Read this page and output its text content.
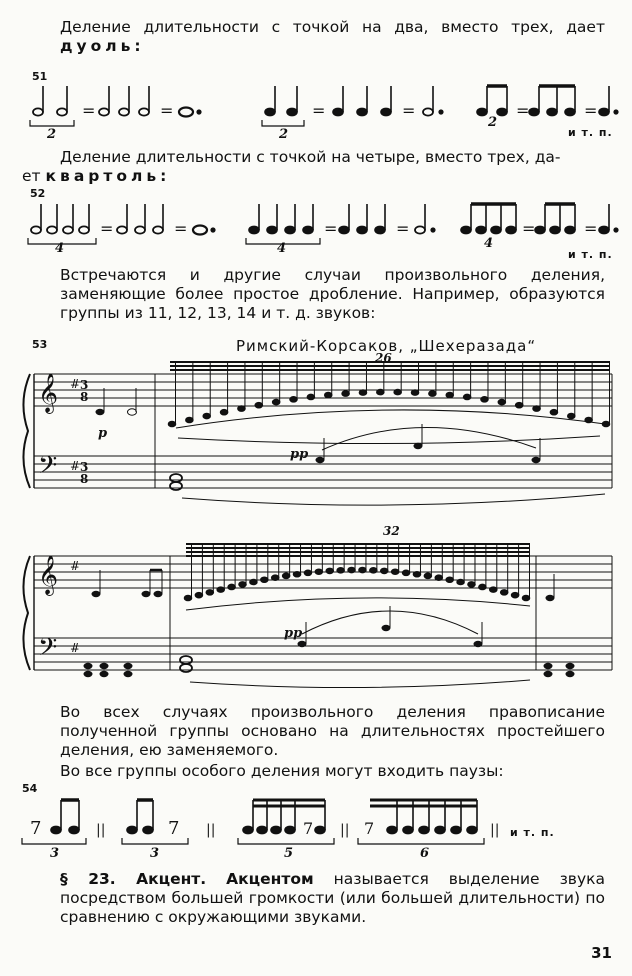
Деление длительности с точкой на два, вместо трех, дает дуоль:
51
=	=	=	=	=	=
2	2
2
и т. п.
Деление длительности с точкой на четыре, вместо трех, да-
ет квартоль:
52
=	=	=	=	=	=
4	4	4
и т. п.
Встречаются и другие случаи произвольного деления, заменяющие более простое дробление. Например, образуются группы из 11, 12, 13, 14 и т. д. звуков:
53	Римский-Корсаков, „Шехеразада“
𝄞
𝄢
#
#
3
8
3
8
𝄞
𝄢
#
#
p
pp
pp
26
32
Во всех случаях произвольного деления правописание полученной группы основано на длительностях простейшего деления, ею заменяемого.
Во все группы особого деления могут входить паузы:
54
7	||	7 ||	7 || 7	||
3	3	5	6
и т. п.
§ 23. Акцент. Акцентом называется выделение звука посредством большей громкости (или большей длительности) по сравнению с окружающими звуками.
31
